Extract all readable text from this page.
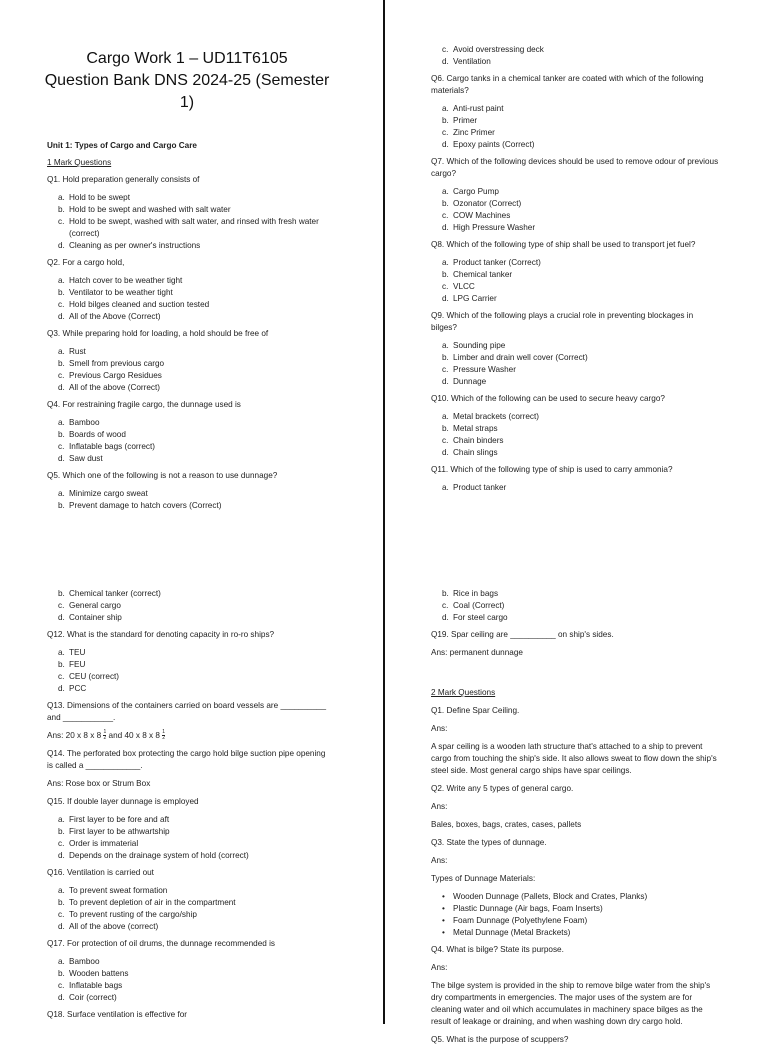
Cargo Work 1 – UD11T6105
Question Bank DNS 2024-25 (Semester 1)
Unit 1: Types of Cargo and Cargo Care
1 Mark Questions
Q1. Hold preparation generally consists of
a. Hold to be swept
b. Hold to be swept and washed with salt water
c. Hold to be swept, washed with salt water, and rinsed with fresh water (correct)
d. Cleaning as per owner's instructions
Q2. For a cargo hold,
a. Hatch cover to be weather tight
b. Ventilator to be weather tight
c. Hold bilges cleaned and suction tested
d. All of the Above (Correct)
Q3. While preparing hold for loading, a hold should be free of
a. Rust
b. Smell from previous cargo
c. Previous Cargo Residues
d. All of the above (Correct)
Q4. For restraining fragile cargo, the dunnage used is
a. Bamboo
b. Boards of wood
c. Inflatable bags (correct)
d. Saw dust
Q5. Which one of the following is not a reason to use dunnage?
a. Minimize cargo sweat
b. Prevent damage to hatch covers (Correct)
c. Avoid overstressing deck
d. Ventilation
Q6. Cargo tanks in a chemical tanker are coated with which of the following materials?
a. Anti-rust paint
b. Primer
c. Zinc Primer
d. Epoxy paints (Correct)
Q7. Which of the following devices should be used to remove odour of previous cargo?
a. Cargo Pump
b. Ozonator (Correct)
c. COW Machines
d. High Pressure Washer
Q8. Which of the following type of ship shall be used to transport jet fuel?
a. Product tanker (Correct)
b. Chemical tanker
c. VLCC
d. LPG Carrier
Q9. Which of the following plays a crucial role in preventing blockages in bilges?
a. Sounding pipe
b. Limber and drain well cover (Correct)
c. Pressure Washer
d. Dunnage
Q10. Which of the following can be used to secure heavy cargo?
a. Metal brackets (correct)
b. Metal straps
c. Chain binders
d. Chain slings
Q11. Which of the following type of ship is used to carry ammonia?
a. Product tanker
b. Chemical tanker (correct)
c. General cargo
d. Container ship
Q12. What is the standard for denoting capacity in ro-ro ships?
a. TEU
b. FEU
c. CEU (correct)
d. PCC
Q13. Dimensions of the containers carried on board vessels are __________ and ___________.
Ans: 20 x 8 x $8 \frac{1}{2}$ and 40 x 8 x $8 \frac{1}{2}$
Q14. The perforated box protecting the cargo hold bilge suction pipe opening is called a ____________.
Ans: Rose box or Strum Box
Q15. If double layer dunnage is employed
a. First layer to be fore and aft
b. First layer to be athwartship
c. Order is immaterial
d. Depends on the drainage system of hold (correct)
Q16. Ventilation is carried out
a. To prevent sweat formation
b. To prevent depletion of air in the compartment
c. To prevent rusting of the cargo/ship
d. All of the above (correct)
Q17. For protection of oil drums, the dunnage recommended is
a. Bamboo
b. Wooden battens
c. Inflatable bags
d. Coir (correct)
Q18. Surface ventilation is effective for
b. Rice in bags
c. Coal (Correct)
d. For steel cargo
Q19. Spar ceiling are __________ on ship's sides.
Ans: permanent dunnage
2 Mark Questions
Q1. Define Spar Ceiling.
Ans:
A spar ceiling is a wooden lath structure that's attached to a ship to prevent cargo from touching the ship's side. It also allows sweat to flow down the ship's steel side. Most general cargo ships have spar ceilings.
Q2. Write any 5 types of general cargo.
Ans:
Bales, boxes, bags, crates, cases, pallets
Q3. State the types of dunnage.
Ans:
Types of Dunnage Materials:
• Wooden Dunnage (Pallets, Block and Crates, Planks)
• Plastic Dunnage (Air bags, Foam Inserts)
• Foam Dunnage (Polyethylene Foam)
• Metal Dunnage (Metal Brackets)
Q4. What is bilge? State its purpose.
Ans:
The bilge system is provided in the ship to remove bilge water from the ship's dry compartments in emergencies. The major uses of the system are for cleaning water and oil which accumulates in machinery space bilges as the result of leakage or draining, and when washing down dry cargo hold.
Q5. What is the purpose of scuppers?
